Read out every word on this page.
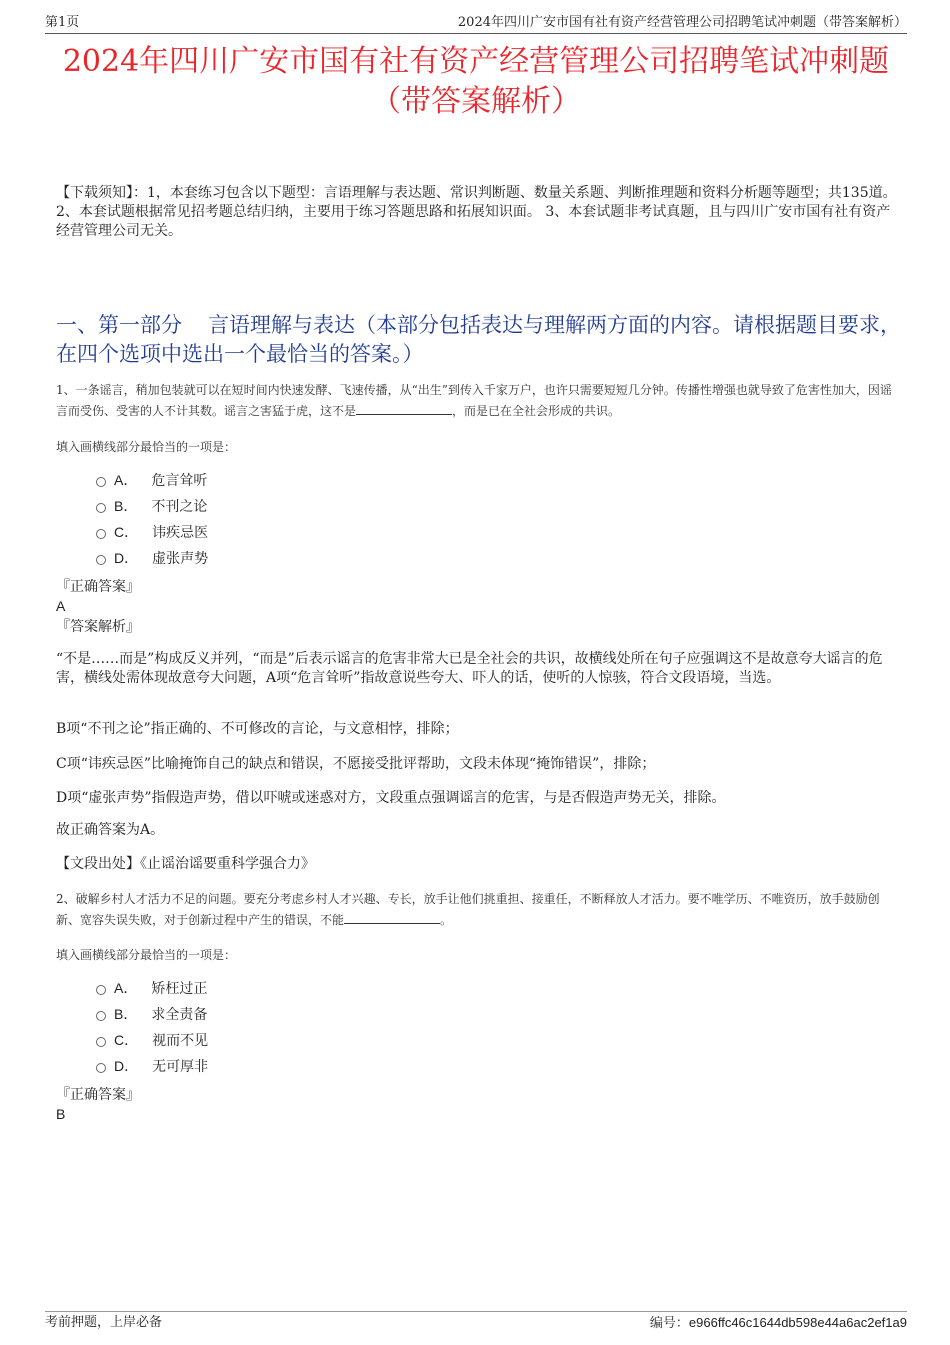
第1页	2024年四川广安市国有社有资产经营管理公司招聘笔试冲刺题（带答案解析）
2024年四川广安市国有社有资产经营管理公司招聘笔试冲刺题
（带答案解析）
【下载须知】：1，本套练习包含以下题型：言语理解与表达题、常识判断题、数量关系题、判断推理题和资料分析题等题型；共135道。 2、本套试题根据常见招考题总结归纳，主要用于练习答题思路和拓展知识面。 3、本套试题非考试真题，且与四川广安市国有社有资产经营管理公司无关。
一、第一部分 言语理解与表达（本部分包括表达与理解两方面的内容。请根据题目要求，在四个选项中选出一个最恰当的答案。）
1、一条谣言，稍加包装就可以在短时间内快速发酵、飞速传播，从“出生”到传入千家万户，也许只需要短短几分钟。传播性增强也就导致了危害性加大，因谣言而受伤、受害的人不计其数。谣言之害猛于虎，这不是	，而是已在全社会形成的共识。
填入画横线部分最恰当的一项是：
A． 危言耸听
B． 不刊之论
C． 讳疾忌医
D． 虚张声势
『正确答案』
A
『答案解析』
“不是……而是”构成反义并列，“而是”后表示谣言的危害非常大已是全社会的共识，故横线处所在句子应强调这不是故意夸大谣言的危害，横线处需体现故意夸大问题，A项“危言耸听”指故意说些夸大、吓人的话，使听的人惊骇，符合文段语境，当选。
B项“不刊之论”指正确的、不可修改的言论，与文意相悖，排除；
C项“讳疾忌医”比喻掩饰自己的缺点和错误，不愿接受批评帮助，文段未体现“掩饰错误”，排除；
D项“虚张声势”指假造声势，借以吓唬或迷惑对方，文段重点强调谣言的危害，与是否假造声势无关，排除。
故正确答案为A。
【文段出处】《止谣治谣要重科学强合力》
2、破解乡村人才活力不足的问题。要充分考虑乡村人才兴趣、专长，放手让他们挑重担、接重任，不断释放人才活力。要不唯学历、不唯资历，放手鼓励创新、宽容失误失败，对于创新过程中产生的错误，不能	。
填入画横线部分最恰当的一项是：
A． 矫枉过正
B． 求全责备
C． 视而不见
D． 无可厚非
『正确答案』
B
考前押题，上岸必备	编号：e966ffc46c1644db598e44a6ac2ef1a9
